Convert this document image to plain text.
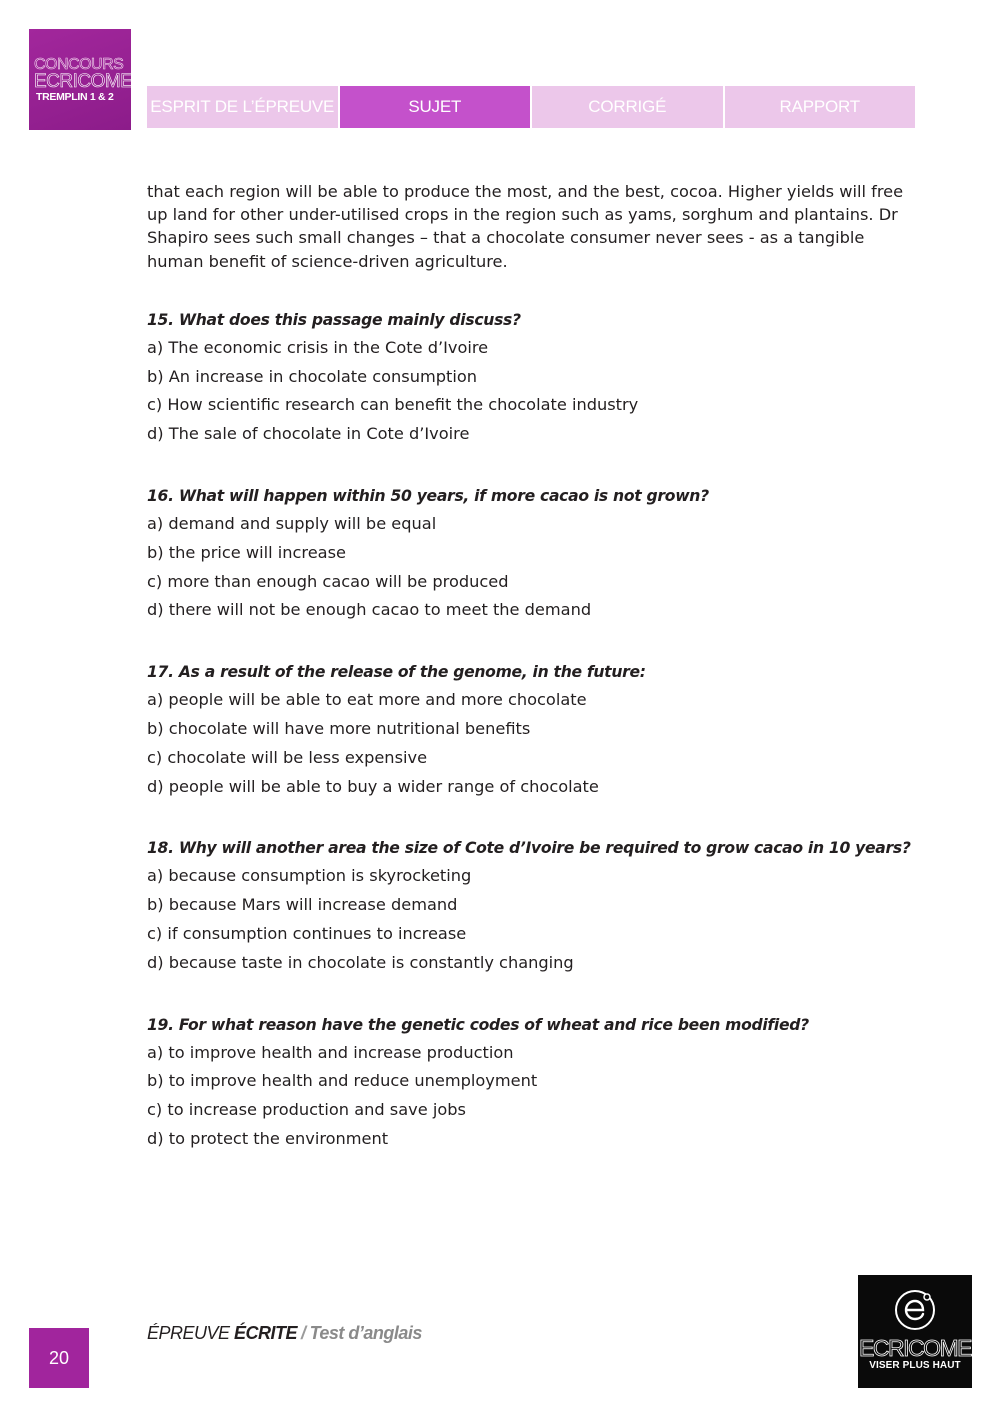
CONCOURS
ECRICOME
TREMPLIN 1 & 2 ESPRIT DE L’ÉPREUVE	SUJET	CORRIGÉ	RAPPORT

that each region will be able to produce the most, and the best, cocoa. Higher yields will free up land for other under-utilised crops in the region such as yams, sorghum and plantains. Dr Shapiro sees such small changes – that a chocolate consumer never sees - as a tangible human benefit of science-driven agriculture.

15. What does this passage mainly discuss?
a) The economic crisis in the Cote d’Ivoire
b) An increase in chocolate consumption
c) How scientific research can benefit the chocolate industry
d) The sale of chocolate in Cote d’Ivoire
16. What will happen within 50 years, if more cacao is not grown?
a) demand and supply will be equal
b) the price will increase
c) more than enough cacao will be produced
d) there will not be enough cacao to meet the demand
17. As a result of the release of the genome, in the future:
a) people will be able to eat more and more chocolate
b) chocolate will have more nutritional benefits
c) chocolate will be less expensive
d) people will be able to buy a wider range of chocolate
18. Why will another area the size of Cote d’Ivoire be required to grow cacao in 10 years?
a) because consumption is skyrocketing
b) because Mars will increase demand
c) if consumption continues to increase
d) because taste in chocolate is constantly changing
19. For what reason have the genetic codes of wheat and rice been modified?
a) to improve health and increase production
b) to improve health and reduce unemployment
c) to increase production and save jobs
d) to protect the environment
20
ÉPREUVE ÉCRITE / Test d’anglais
ECRICOME
VISER PLUS HAUT
